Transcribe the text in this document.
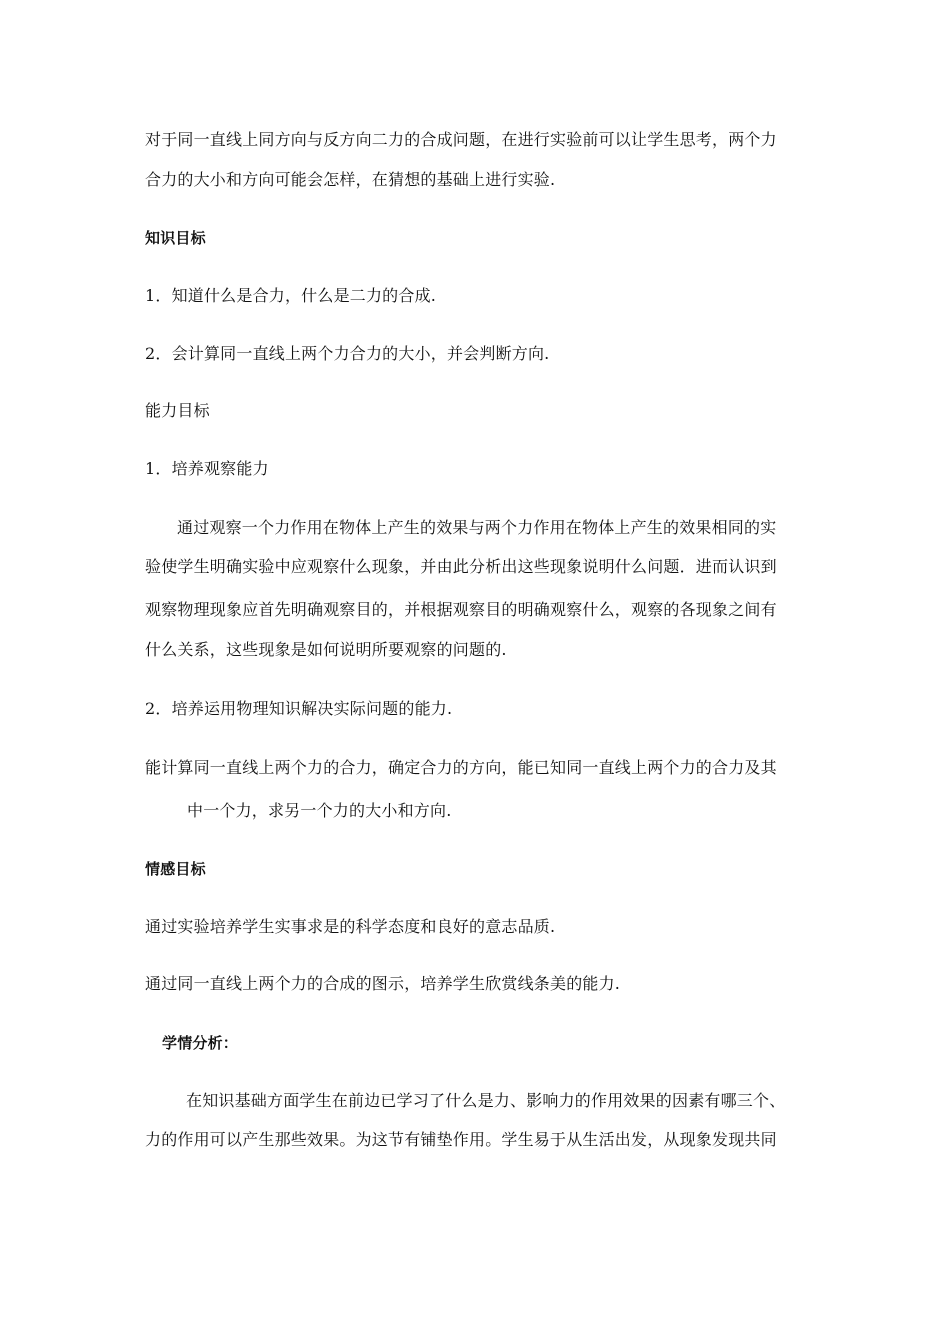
对于同一直线上同方向与反方向二力的合成问题，在进行实验前可以让学生思考，两个力
合力的大小和方向可能会怎样，在猜想的基础上进行实验.
知识目标
1．知道什么是合力，什么是二力的合成.
2．会计算同一直线上两个力合力的大小，并会判断方向.
能力目标
1．培养观察能力
通过观察一个力作用在物体上产生的效果与两个力作用在物体上产生的效果相同的实
验使学生明确实验中应观察什么现象，并由此分析出这些现象说明什么问题．进而认识到
观察物理现象应首先明确观察目的，并根据观察目的明确观察什么，观察的各现象之间有
什么关系，这些现象是如何说明所要观察的问题的.
2．培养运用物理知识解决实际问题的能力.
能计算同一直线上两个力的合力，确定合力的方向，能已知同一直线上两个力的合力及其
中一个力，求另一个力的大小和方向.
情感目标
通过实验培养学生实事求是的科学态度和良好的意志品质.
通过同一直线上两个力的合成的图示，培养学生欣赏线条美的能力.
学情分析：
在知识基础方面学生在前边已学习了什么是力、影响力的作用效果的因素有哪三个、
力的作用可以产生那些效果。为这节有铺垫作用。学生易于从生活出发，从现象发现共同
